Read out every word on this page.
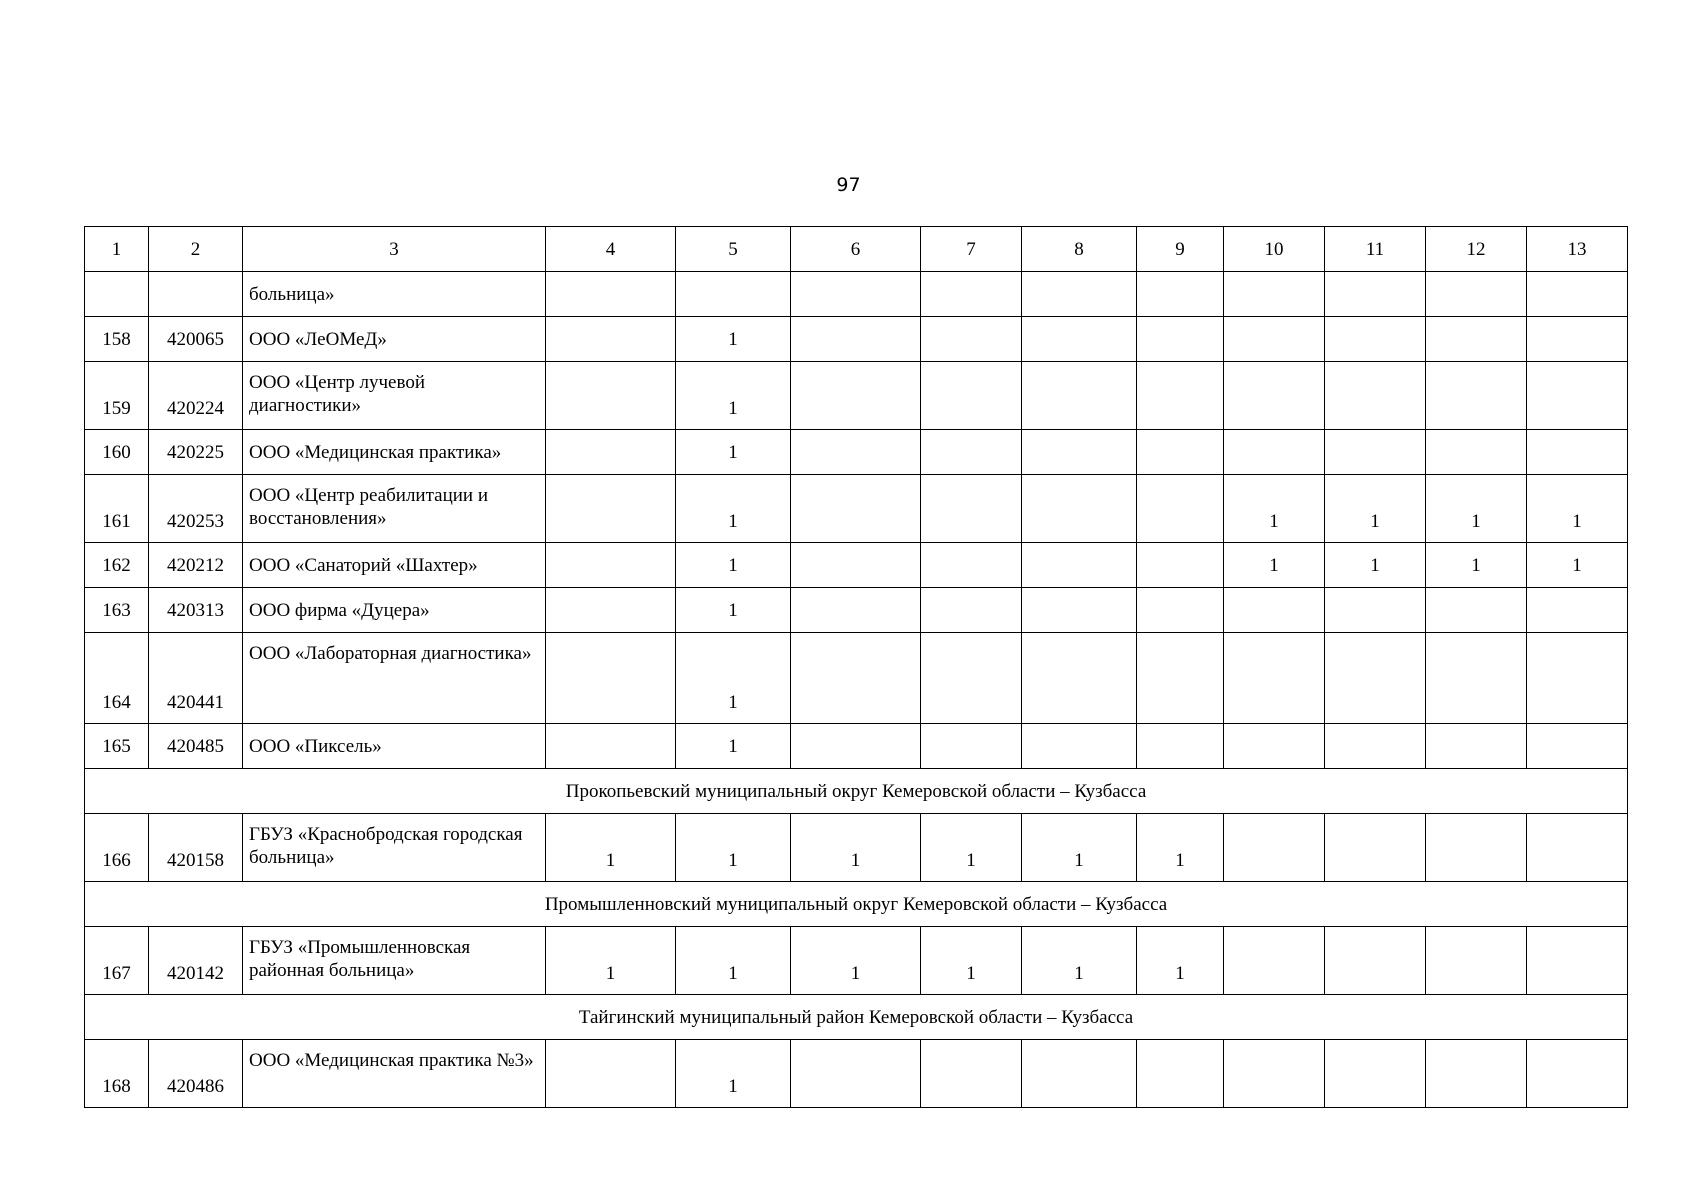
97
1	2	3	4	5	6	7	8	9	10	11	12	13
		больница»										
158	420065	ООО «ЛеОМеД»		1								
159	420224	ООО «Центр лучевой диагностики»		1								
160	420225	ООО «Медицинская практика»		1								
161	420253	ООО «Центр реабилитации и восстановления»		1					1	1	1	1
162	420212	ООО «Санаторий «Шахтер»		1					1	1	1	1
163	420313	ООО фирма «Дуцера»		1								
164	420441	ООО «Лабораторная диагностика»		1								
165	420485	ООО «Пиксель»		1								
Прокопьевский муниципальный округ Кемеровской области – Кузбасса												
166	420158	ГБУЗ «Краснобродская городская больница»	1	1	1	1	1	1				
Промышленновский муниципальный округ Кемеровской области – Кузбасса												
167	420142	ГБУЗ «Промышленновская районная больница»	1	1	1	1	1	1				
Тайгинский муниципальный район Кемеровской области – Кузбасса												
168	420486	ООО «Медицинская практика №3»		1								
